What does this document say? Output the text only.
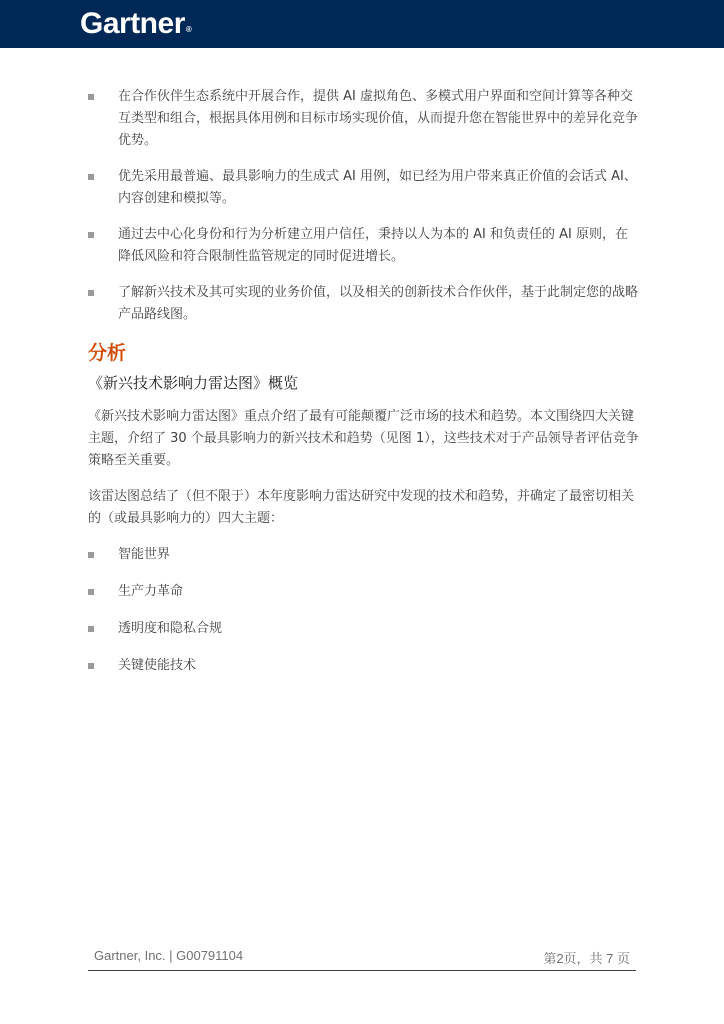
Gartner®
在合作伙伴生态系统中开展合作，提供 AI 虚拟角色、多模式用户界面和空间计算等各种交互类型和组合，根据具体用例和目标市场实现价值，从而提升您在智能世界中的差异化竞争优势。
优先采用最普遍、最具影响力的生成式 AI 用例，如已经为用户带来真正价值的会话式 AI、内容创建和模拟等。
通过去中心化身份和行为分析建立用户信任，秉持以人为本的 AI 和负责任的 AI 原则，在降低风险和符合限制性监管规定的同时促进增长。
了解新兴技术及其可实现的业务价值，以及相关的创新技术合作伙伴，基于此制定您的战略产品路线图。
分析
《新兴技术影响力雷达图》概览

《新兴技术影响力雷达图》重点介绍了最有可能颠覆广泛市场的技术和趋势。本文围绕四大关键主题，介绍了 30 个最具影响力的新兴技术和趋势（见图 1），这些技术对于产品领导者评估竞争策略至关重要。

该雷达图总结了（但不限于）本年度影响力雷达研究中发现的技术和趋势，并确定了最密切相关的（或最具影响力的）四大主题：

智能世界
生产力革命
透明度和隐私合规
关键使能技术
Gartner, Inc. | G00791104	第2页，共 7 页
